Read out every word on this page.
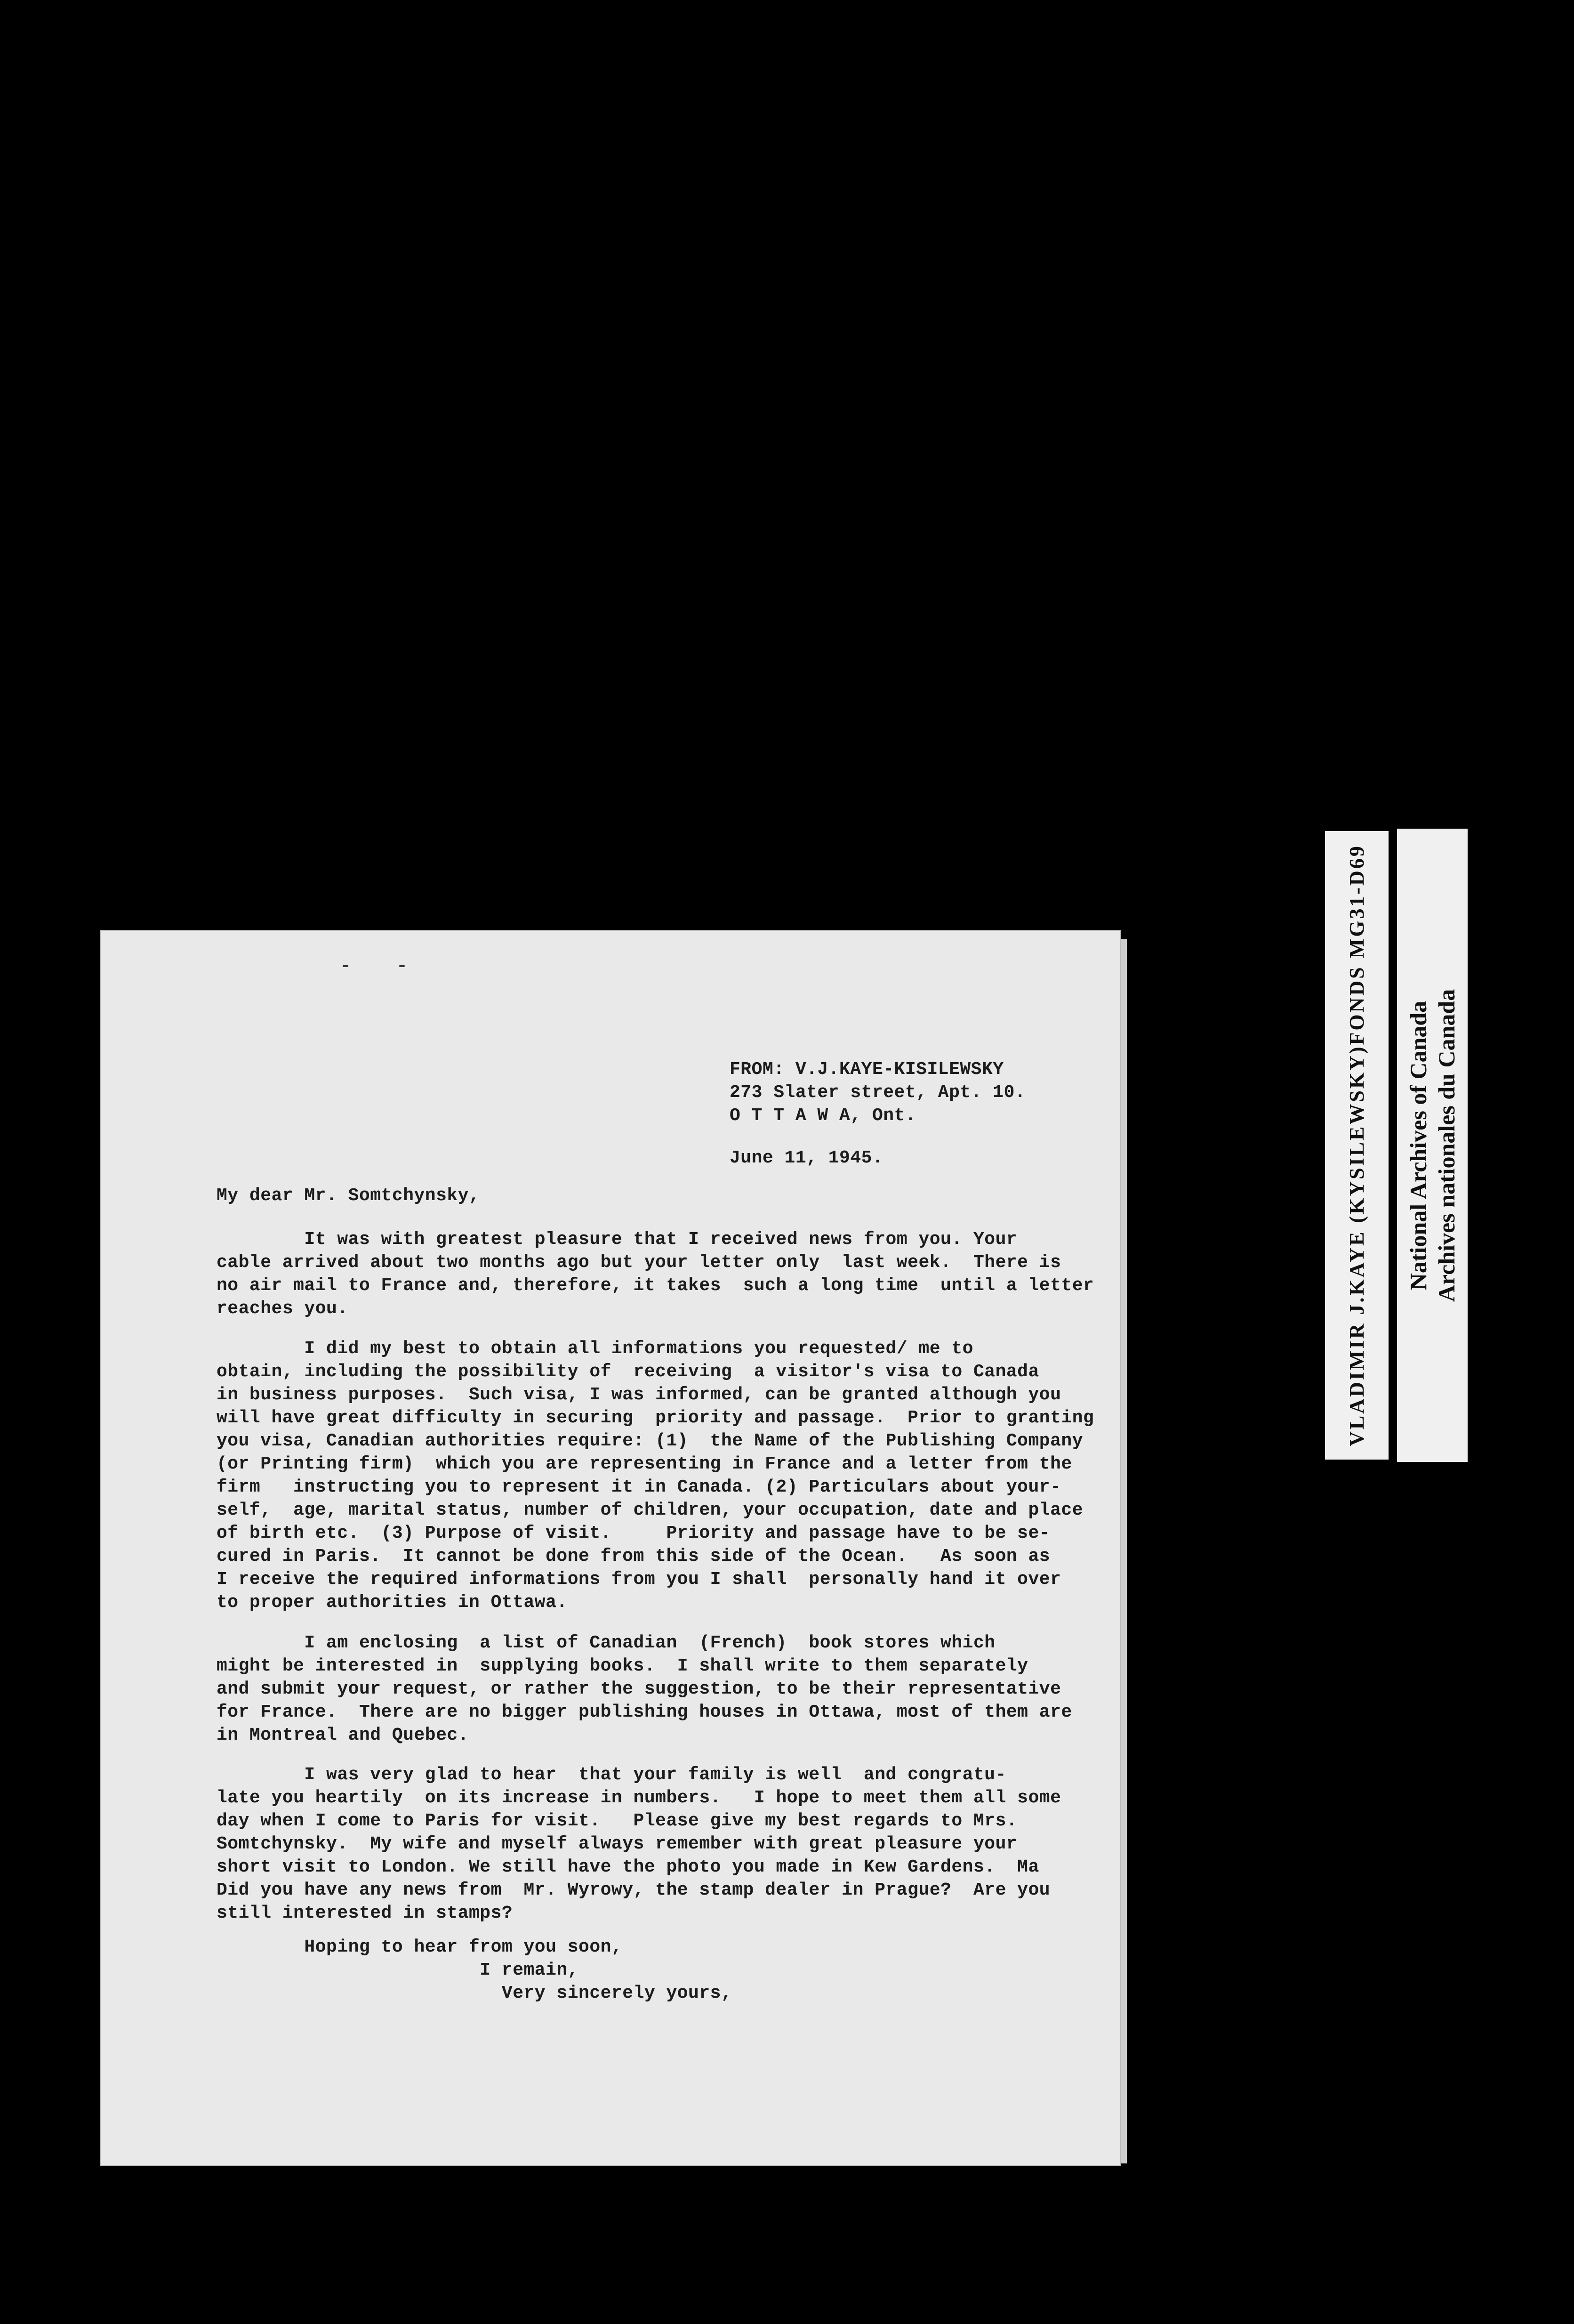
-    -
FROM: V.J.KAYE-KISILEWSKY
273 Slater street, Apt. 10.
O T T A W A, Ont.
June 11, 1945.
My dear Mr. Somtchynsky,
It was with greatest pleasure that I received news from you. Your
cable arrived about two months ago but your letter only  last week.  There is
no air mail to France and, therefore, it takes  such a long time  until a letter
reaches you.
I did my best to obtain all informations you requested/ me to
obtain, including the possibility of  receiving  a visitor's visa to Canada
in business purposes.  Such visa, I was informed, can be granted although you
will have great difficulty in securing  priority and passage.  Prior to granting
you visa, Canadian authorities require: (1)  the Name of the Publishing Company
(or Printing firm)  which you are representing in France and a letter from the
firm   instructing you to represent it in Canada. (2) Particulars about your-
self,  age, marital status, number of children, your occupation, date and place
of birth etc.  (3) Purpose of visit.     Priority and passage have to be se-
cured in Paris.  It cannot be done from this side of the Ocean.   As soon as
I receive the required informations from you I shall  personally hand it over
to proper authorities in Ottawa.
I am enclosing  a list of Canadian  (French)  book stores which
might be interested in  supplying books.  I shall write to them separately
and submit your request, or rather the suggestion, to be their representative
for France.  There are no bigger publishing houses in Ottawa, most of them are
in Montreal and Quebec.
I was very glad to hear  that your family is well  and congratu-
late you heartily  on its increase in numbers.   I hope to meet them all some
day when I come to Paris for visit.   Please give my best regards to Mrs.
Somtchynsky.  My wife and myself always remember with great pleasure your
short visit to London. We still have the photo you made in Kew Gardens.  Ma
Did you have any news from  Mr. Wyrowy, the stamp dealer in Prague?  Are you
still interested in stamps?
Hoping to hear from you soon,
I remain,
Very sincerely yours,
VLADIMIR J.KAYE (KYSILEWSKY)FONDS MG31-D69 National Archives of Canada Archives nationales du Canada
